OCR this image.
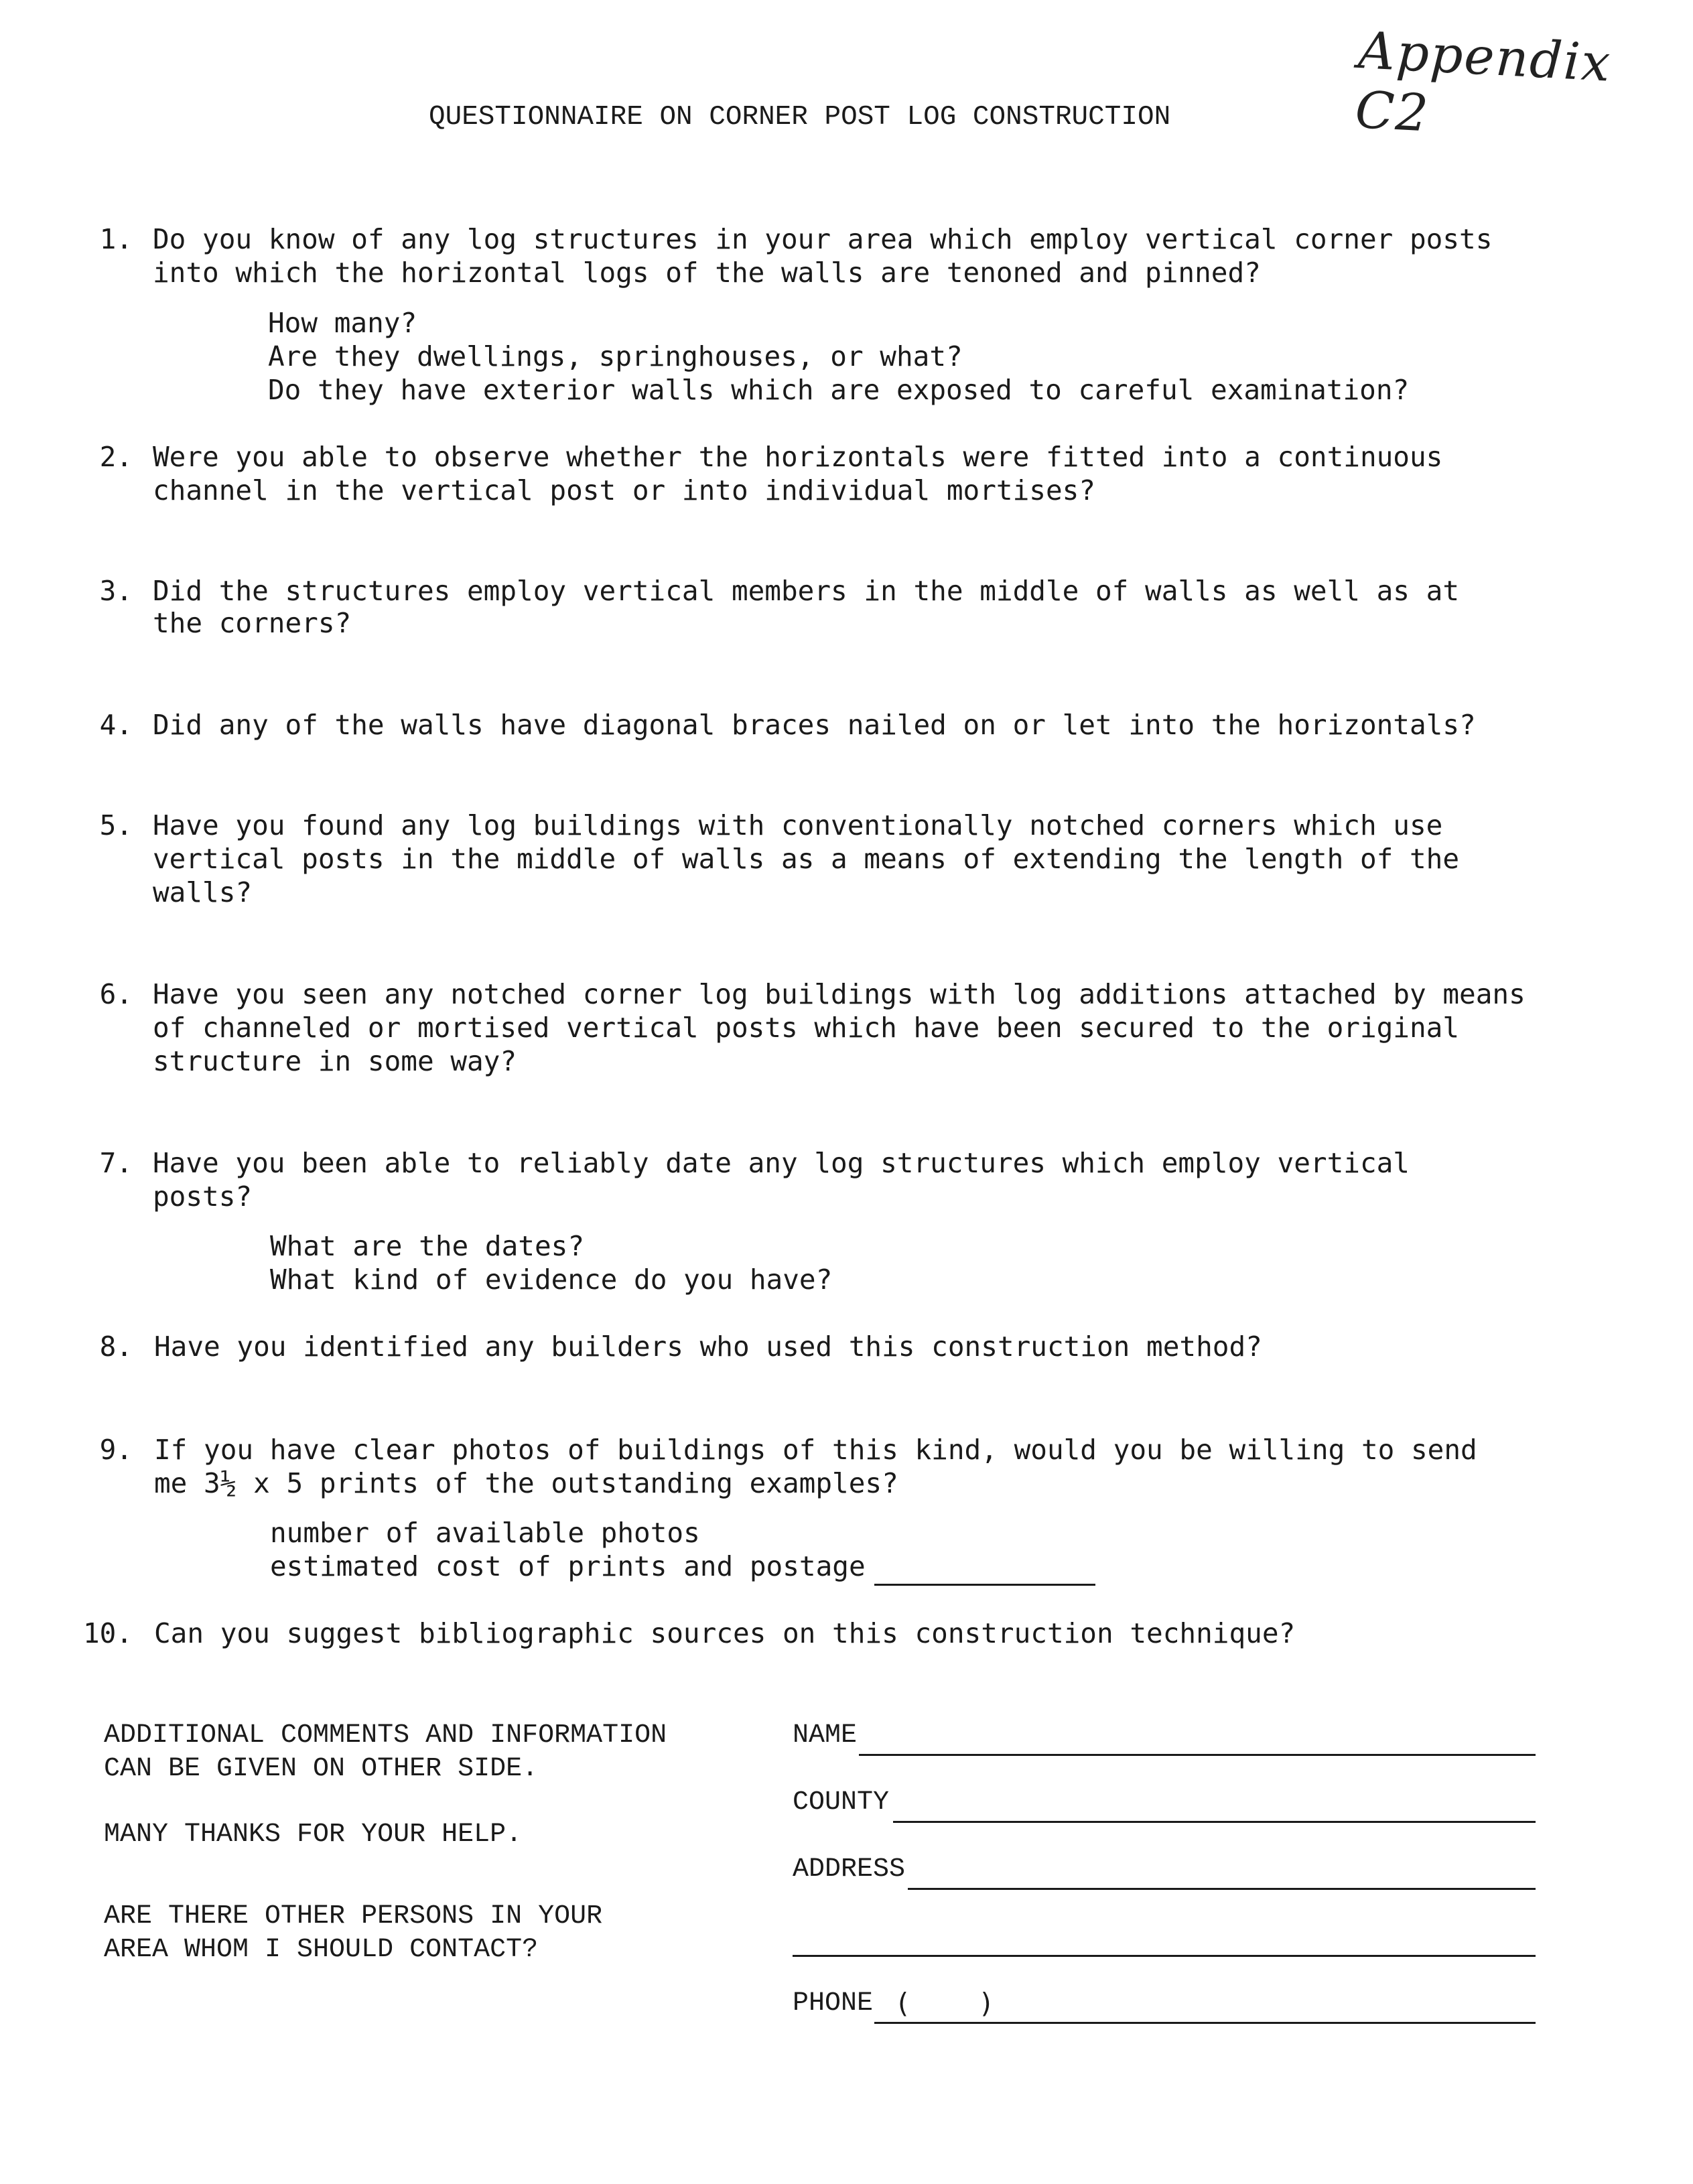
Appendix C2
QUESTIONNAIRE ON CORNER POST LOG CONSTRUCTION
1. Do you know of any log structures in your area which employ vertical corner posts
into which the horizontal logs of the walls are tenoned and pinned?
How many?
Are they dwellings, springhouses, or what?
Do they have exterior walls which are exposed to careful examination?
2. Were you able to observe whether the horizontals were fitted into a continuous
channel in the vertical post or into individual mortises?
3. Did the structures employ vertical members in the middle of walls as well as at
the corners?
4. Did any of the walls have diagonal braces nailed on or let into the horizontals?
5. Have you found any log buildings with conventionally notched corners which use
vertical posts in the middle of walls as a means of extending the length of the
walls?
6. Have you seen any notched corner log buildings with log additions attached by means
of channeled or mortised vertical posts which have been secured to the original
structure in some way?
7. Have you been able to reliably date any log structures which employ vertical
posts?
What are the dates?
What kind of evidence do you have?
8. Have you identified any builders who used this construction method?
9. If you have clear photos of buildings of this kind, would you be willing to send
me 3½ x 5 prints of the outstanding examples?
number of available photos
estimated cost of prints and postage
10. Can you suggest bibliographic sources on this construction technique?
ADDITIONAL COMMENTS AND INFORMATION
CAN BE GIVEN ON OTHER SIDE.
MANY THANKS FOR YOUR HELP.
ARE THERE OTHER PERSONS IN YOUR
AREA WHOM I SHOULD CONTACT?
NAME
COUNTY
ADDRESS
PHONE ( )
